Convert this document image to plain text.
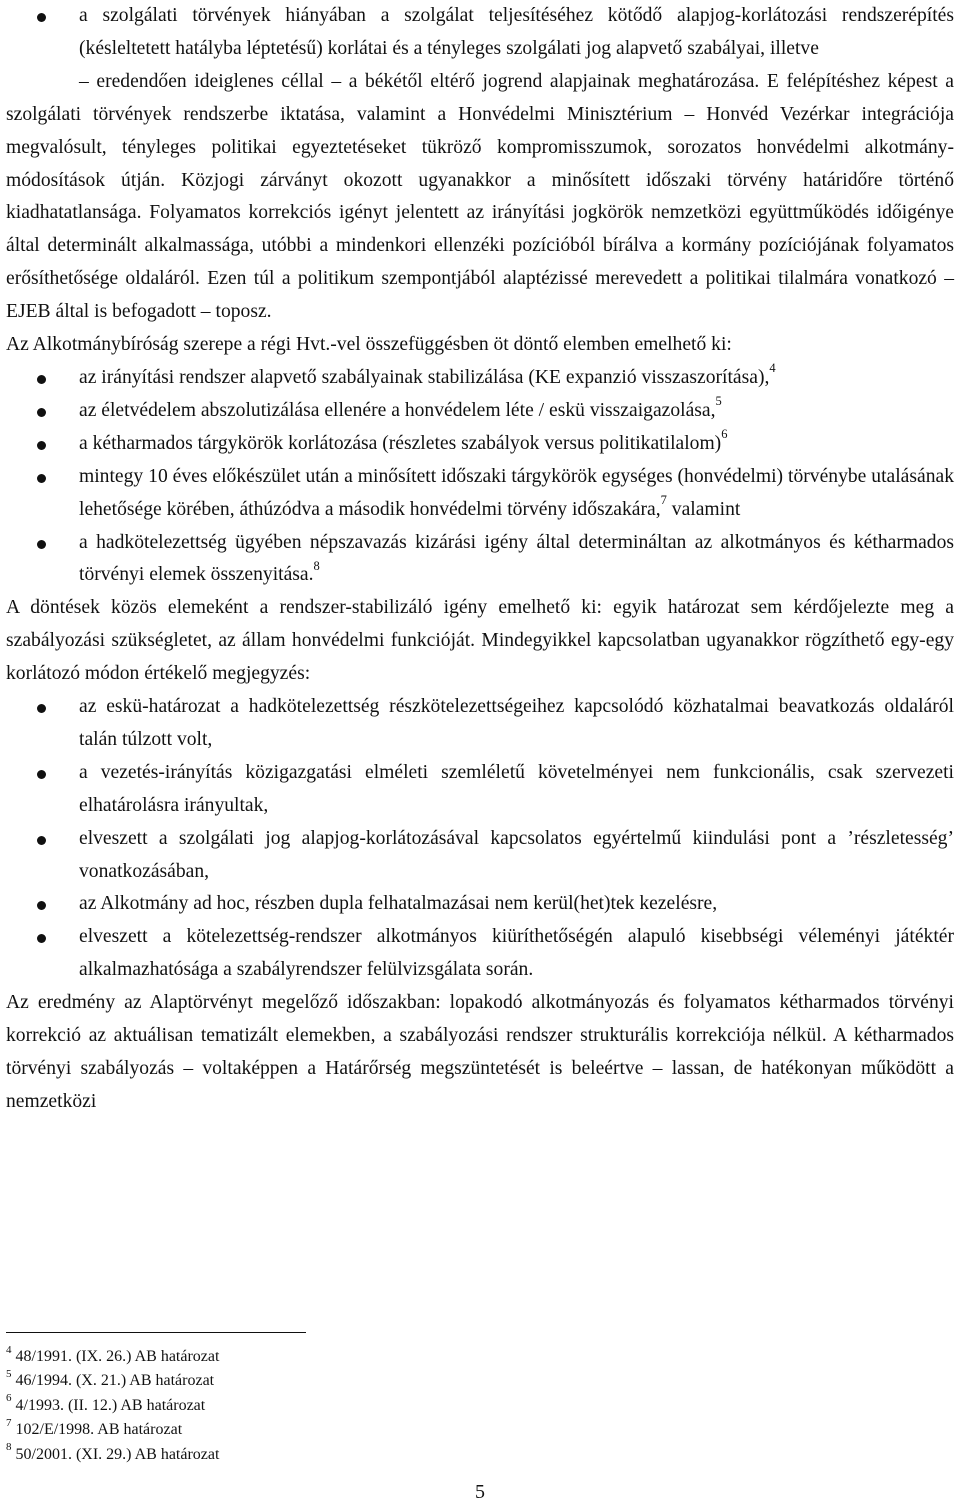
a szolgálati törvények hiányában a szolgálat teljesítéséhez kötődő alapjog-korlátozási rendszerépítés (késleltetett hatályba léptetésű) korlátai és a tényleges szolgálati jog alapvető szabályai, illetve

– eredendően ideiglenes céllal – a békétől eltérő jogrend alapjainak meghatározása. E felépítéshez képest a szolgálati törvények rendszerbe iktatása, valamint a Honvédelmi Minisztérium – Honvéd Vezérkar integrációja megvalósult, tényleges politikai egyeztetéseket tükröző kompromisszumok, sorozatos honvédelmi alkotmány-módosítások útján. Közjogi zárványt okozott ugyanakkor a minősített időszaki törvény határidőre történő kiadhatatlansága. Folyamatos korrekciós igényt jelentett az irányítási jogkörök nemzetközi együttműködés időigénye által determinált alkalmassága, utóbbi a mindenkori ellenzéki pozícióból bírálva a kormány pozíciójának folyamatos erősíthetősége oldaláról. Ezen túl a politikum szempontjából alaptézissé merevedett a politikai tilalmára vonatkozó – EJEB által is befogadott – toposz.

Az Alkotmánybíróság szerepe a régi Hvt.-vel összefüggésben öt döntő elemben emelhető ki:

az irányítási rendszer alapvető szabályainak stabilizálása (KE expanzió visszaszorítása),$^4$
az életvédelem abszolutizálása ellenére a honvédelem léte / eskü visszaigazolása,$^5$
a kétharmados tárgykörök korlátozása (részletes szabályok versus politikatilalom)$^6$
mintegy 10 éves előkészület után a minősített időszaki tárgykörök egységes (honvédelmi) törvénybe utalásának lehetősége körében, áthúzódva a második honvédelmi törvény időszakára,$^7$ valamint
a hadkötelezettség ügyében népszavazás kizárási igény által determináltan az alkotmányos és kétharmados törvényi elemek összenyitása.$^8$

A döntések közös elemeként a rendszer-stabilizáló igény emelhető ki: egyik határozat sem kérdőjelezte meg a szabályozási szükségletet, az állam honvédelmi funkcióját. Mindegyikkel kapcsolatban ugyanakkor rögzíthető egy-egy korlátozó módon értékelő megjegyzés:

az eskü-határozat a hadkötelezettség részkötelezettségeihez kapcsolódó közhatalmai beavatkozás oldaláról talán túlzott volt,
a vezetés-irányítás közigazgatási elméleti szemléletű követelményei nem funkcionális, csak szervezeti elhatárolásra irányultak,
elveszett a szolgálati jog alapjog-korlátozásával kapcsolatos egyértelmű kiindulási pont a ’részletesség’ vonatkozásában,
az Alkotmány ad hoc, részben dupla felhatalmazásai nem kerül(het)tek kezelésre,
elveszett a kötelezettség-rendszer alkotmányos kiüríthetőségén alapuló kisebbségi véleményi játéktér alkalmazhatósága a szabályrendszer felülvizsgálata során.

Az eredmény az Alaptörvényt megelőző időszakban: lopakodó alkotmányozás és folyamatos kétharmados törvényi korrekció az aktuálisan tematizált elemekben, a szabályozási rendszer strukturális korrekciója nélkül. A kétharmados törvényi szabályozás – voltaképpen a Határőrség megszüntetését is beleértve – lassan, de hatékonyan működött a nemzetközi

$^4$ 48/1991. (IX. 26.) AB határozat
$^5$ 46/1994. (X. 21.) AB határozat
$^6$ 4/1993. (II. 12.) AB határozat
$^7$ 102/E/1998. AB határozat
$^8$ 50/2001. (XI. 29.) AB határozat
5
